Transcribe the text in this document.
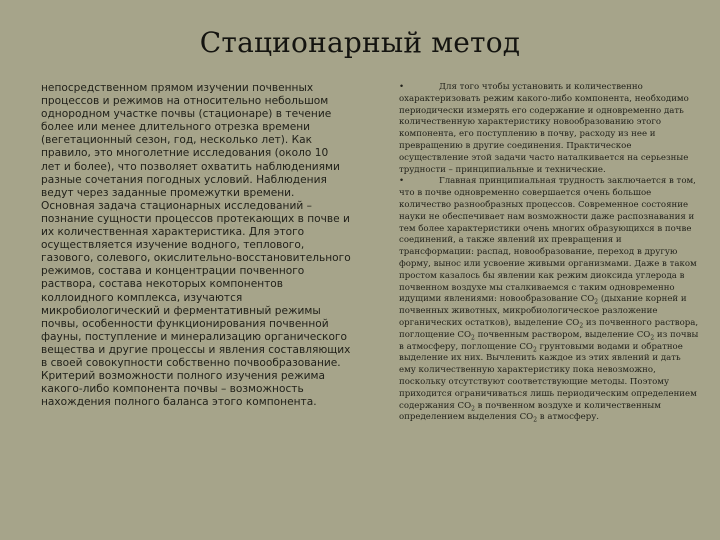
Стационарный метод

непосредственном прямом изучении почвенных процессов и режимов на относительно небольшом однородном участке почвы (стационаре) в течение более или менее длительного отрезка времени (вегетационный сезон, год, несколько лет). Как правило, это многолетние исследования (около 10 лет и более), что позволяет охватить наблюдениями разные сочетания погодных условий. Наблюдения ведут через заданные промежутки времени. Основная задача стационарных исследований – познание сущности процессов протекающих в почве и их количественная характеристика. Для этого осуществляется изучение водного, теплового, газового, солевого, окислительно-восстановительного режимов, состава и концентрации почвенного раствора, состава некоторых компонентов коллоидного комплекса, изучаются микробиологический и ферментативный режимы почвы, особенности функционирования почвенной фауны, поступление и минерализацию органического вещества и другие процессы и явления составляющих в своей совокупности собственно почвообразование. Критерий возможности полного изучения режима какого-либо компонента почвы – возможность нахождения полного баланса этого компонента.

•	Для того чтобы установить и количественно охарактеризовать режим какого-либо компонента, необходимо периодически измерять его содержание и одновременно дать количественную характеристику новообразованию этого компонента, его поступлению в почву, расходу из нее и превращению в другие соединения. Практическое осуществление этой задачи часто наталкивается на серьезные трудности – принципиальные и технические.

•	Главная принципиальная трудность заключается в том, что в почве одновременно совершается очень большое количество разнообразных процессов. Современное состояние науки не обеспечивает нам возможности даже распознавания и тем более характеристики очень многих образующихся в почве соединений, а также явлений их превращения и трансформации: распад, новообразование, переход в другую форму, вынос или усвоение живыми организмами. Даже в таком простом казалось бы явлении как режим диоксида углерода в почвенном воздухе мы сталкиваемся с таким одновременно идущими явлениями: новообразование $СО_2$ (дыхание корней и почвенных животных, микробиологическое разложение органических остатков), выделение $СО_2$ из почвенного раствора, поглощение $СО_2$ почвенным раствором, выделение $СО_2$ из почвы в атмосферу, поглощение $СО_2$ грунтовыми водами и обратное выделение их них. Вычленить каждое из этих явлений и дать ему количественную характеристику пока невозможно, поскольку отсутствуют соответствующие методы. Поэтому приходится ограничиваться лишь периодическим определением содержания $СО_2$ в почвенном воздухе и количественным определением выделения $СО_2$ в атмосферу.
